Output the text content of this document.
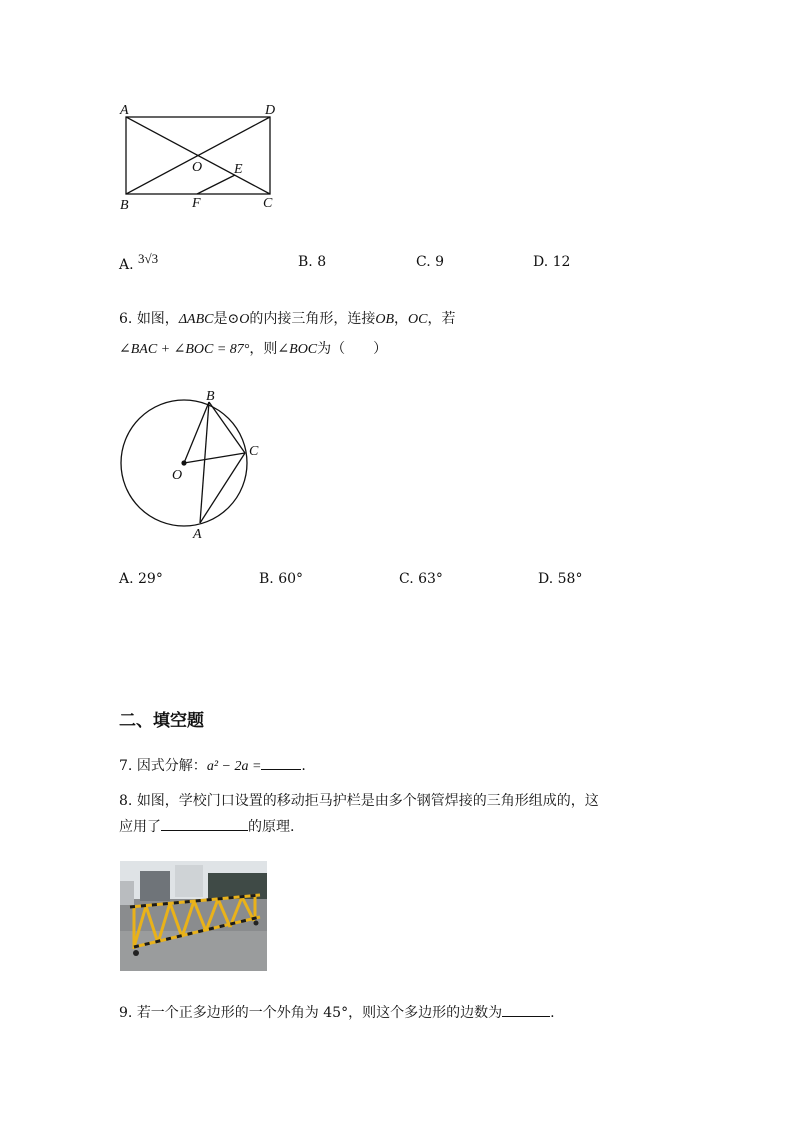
A	D
O E
B	F	C
A. 3√3	B. 8	C. 9	D. 12
6. 如图，ΔABC是⊙O的内接三角形，连接OB，OC，若
∠BAC + ∠BOC = 87°，则∠BOC为（　　）
B
C
O
A
A. 29°	B. 60°	C. 63°	D. 58°
二、填空题
7. 因式分解：a² − 2a =	.
8. 如图，学校门口设置的移动拒马护栏是由多个钢管焊接的三角形组成的，这
应用了	的原理.
9. 若一个正多边形的一个外角为 45°，则这个多边形的边数为	.
